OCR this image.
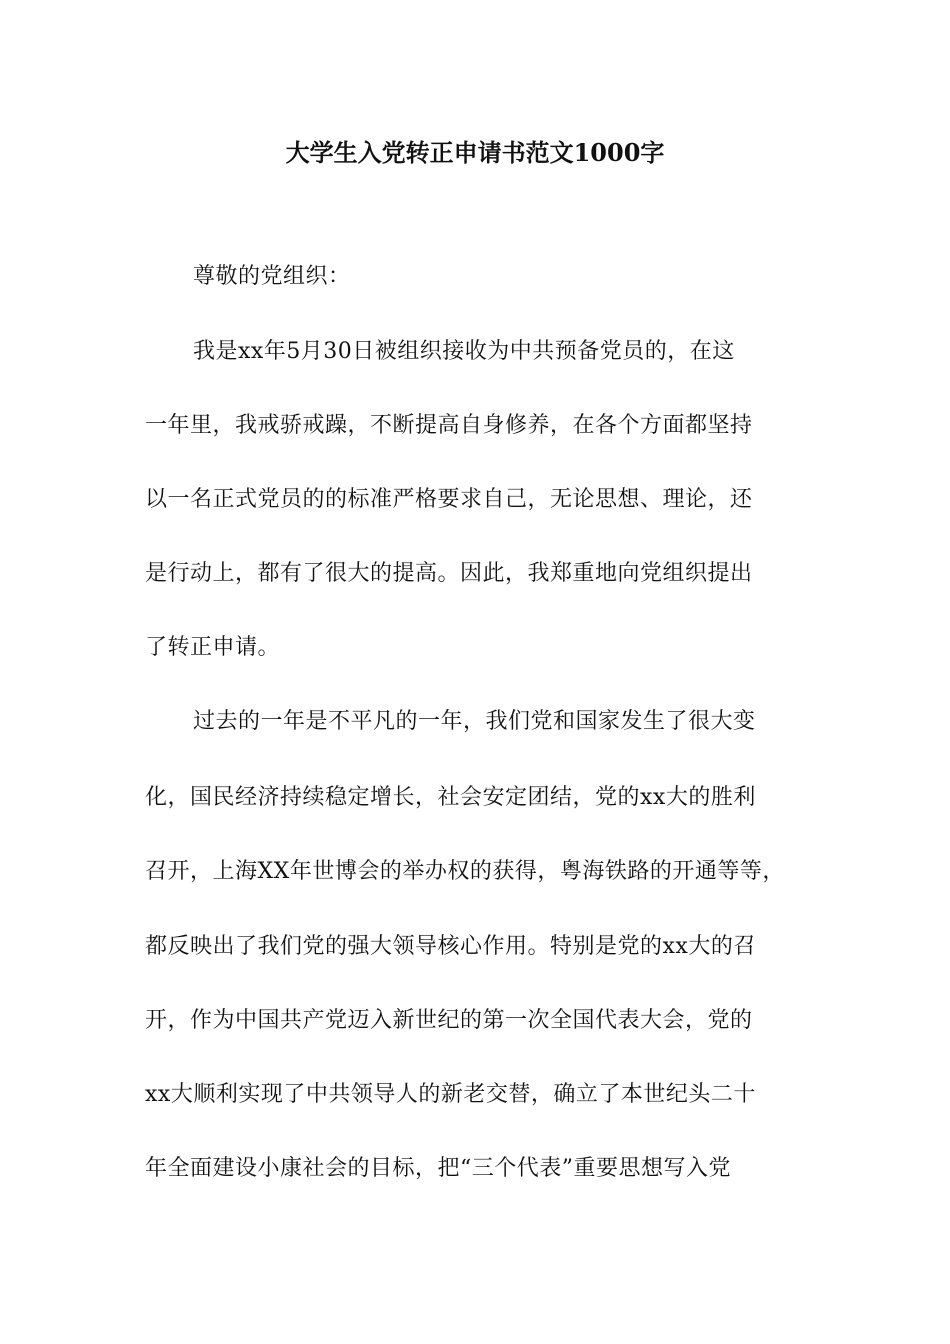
大学生入党转正申请书范文1000字
尊敬的党组织：
我是xx年5月30日被组织接收为中共预备党员的，在这
一年里，我戒骄戒躁，不断提高自身修养，在各个方面都坚持
以一名正式党员的的标准严格要求自己，无论思想、理论，还
是行动上，都有了很大的提高。因此，我郑重地向党组织提出
了转正申请。
过去的一年是不平凡的一年，我们党和国家发生了很大变
化，国民经济持续稳定增长，社会安定团结，党的xx大的胜利
召开，上海XX年世博会的举办权的获得，粤海铁路的开通等等，
都反映出了我们党的强大领导核心作用。特别是党的xx大的召
开，作为中国共产党迈入新世纪的第一次全国代表大会，党的
xx大顺利实现了中共领导人的新老交替，确立了本世纪头二十
年全面建设小康社会的目标，把“三个代表”重要思想写入党
